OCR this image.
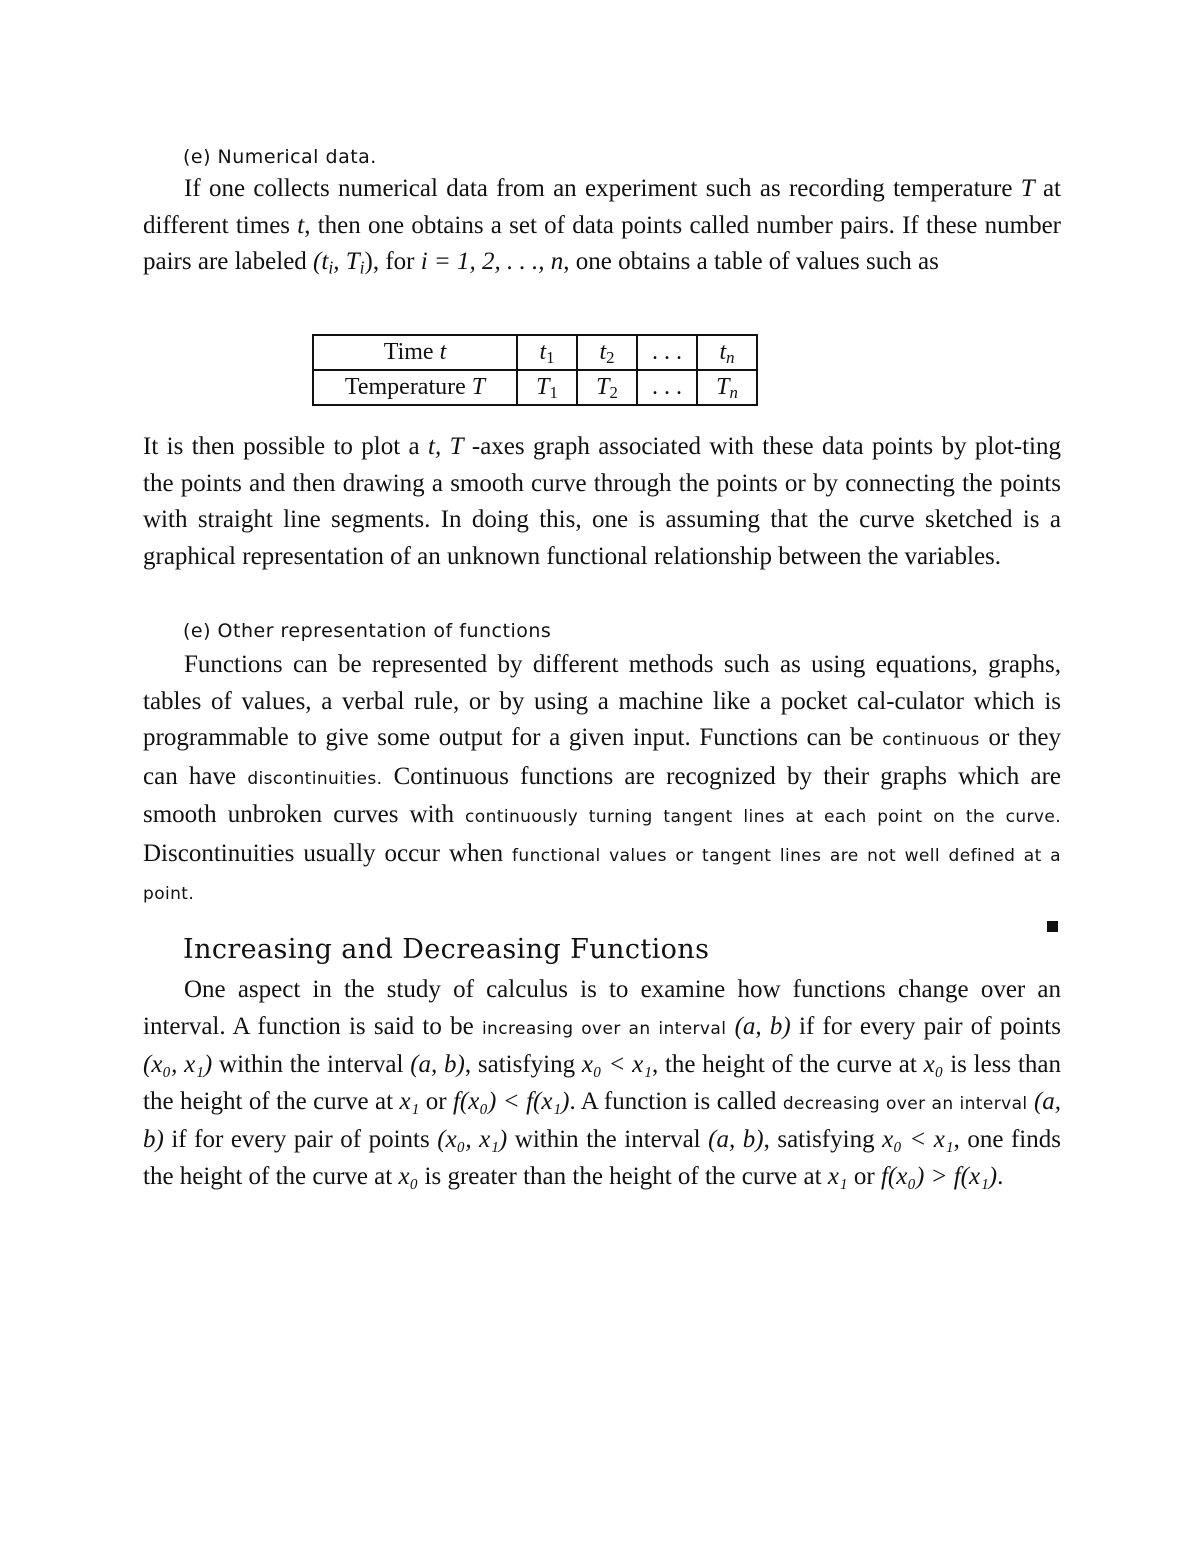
(e) Numerical data.
If one collects numerical data from an experiment such as recording temperature T at different times t, then one obtains a set of data points called number pairs. If these number pairs are labeled ($t_i$, $T_i$), for i = 1, 2, . . ., n, one obtains a table of values such as
Time t	$t_1$	$t_2$	. . .	$t_n$
Temperature T	$T_1$	$T_2$	. . .	$T_n$
It is then possible to plot a t, T -axes graph associated with these data points by plot-ting the points and then drawing a smooth curve through the points or by connecting the points with straight line segments. In doing this, one is assuming that the curve sketched is a graphical representation of an unknown functional relationship between the variables.
(e) Other representation of functions
Functions can be represented by different methods such as using equations, graphs, tables of values, a verbal rule, or by using a machine like a pocket cal-culator which is programmable to give some output for a given input. Functions can be continuous or they can have discontinuities. Continuous functions are recognized by their graphs which are smooth unbroken curves with continuously turning tangent lines at each point on the curve. Discontinuities usually occur when functional values or tangent lines are not well defined at a point.
Increasing and Decreasing Functions
One aspect in the study of calculus is to examine how functions change over an interval. A function is said to be increasing over an interval (a, b) if for every pair of points (x₀, x₁) within the interval (a, b), satisfying x₀ < x₁, the height of the curve at x₀ is less than the height of the curve at x₁ or f(x₀) < f(x₁). A function is called decreasing over an interval (a, b) if for every pair of points (x₀, x₁) within the interval (a, b), satisfying x₀ < x₁, one finds the height of the curve at x₀ is greater than the height of the curve at x₁ or f(x₀) > f(x₁).
